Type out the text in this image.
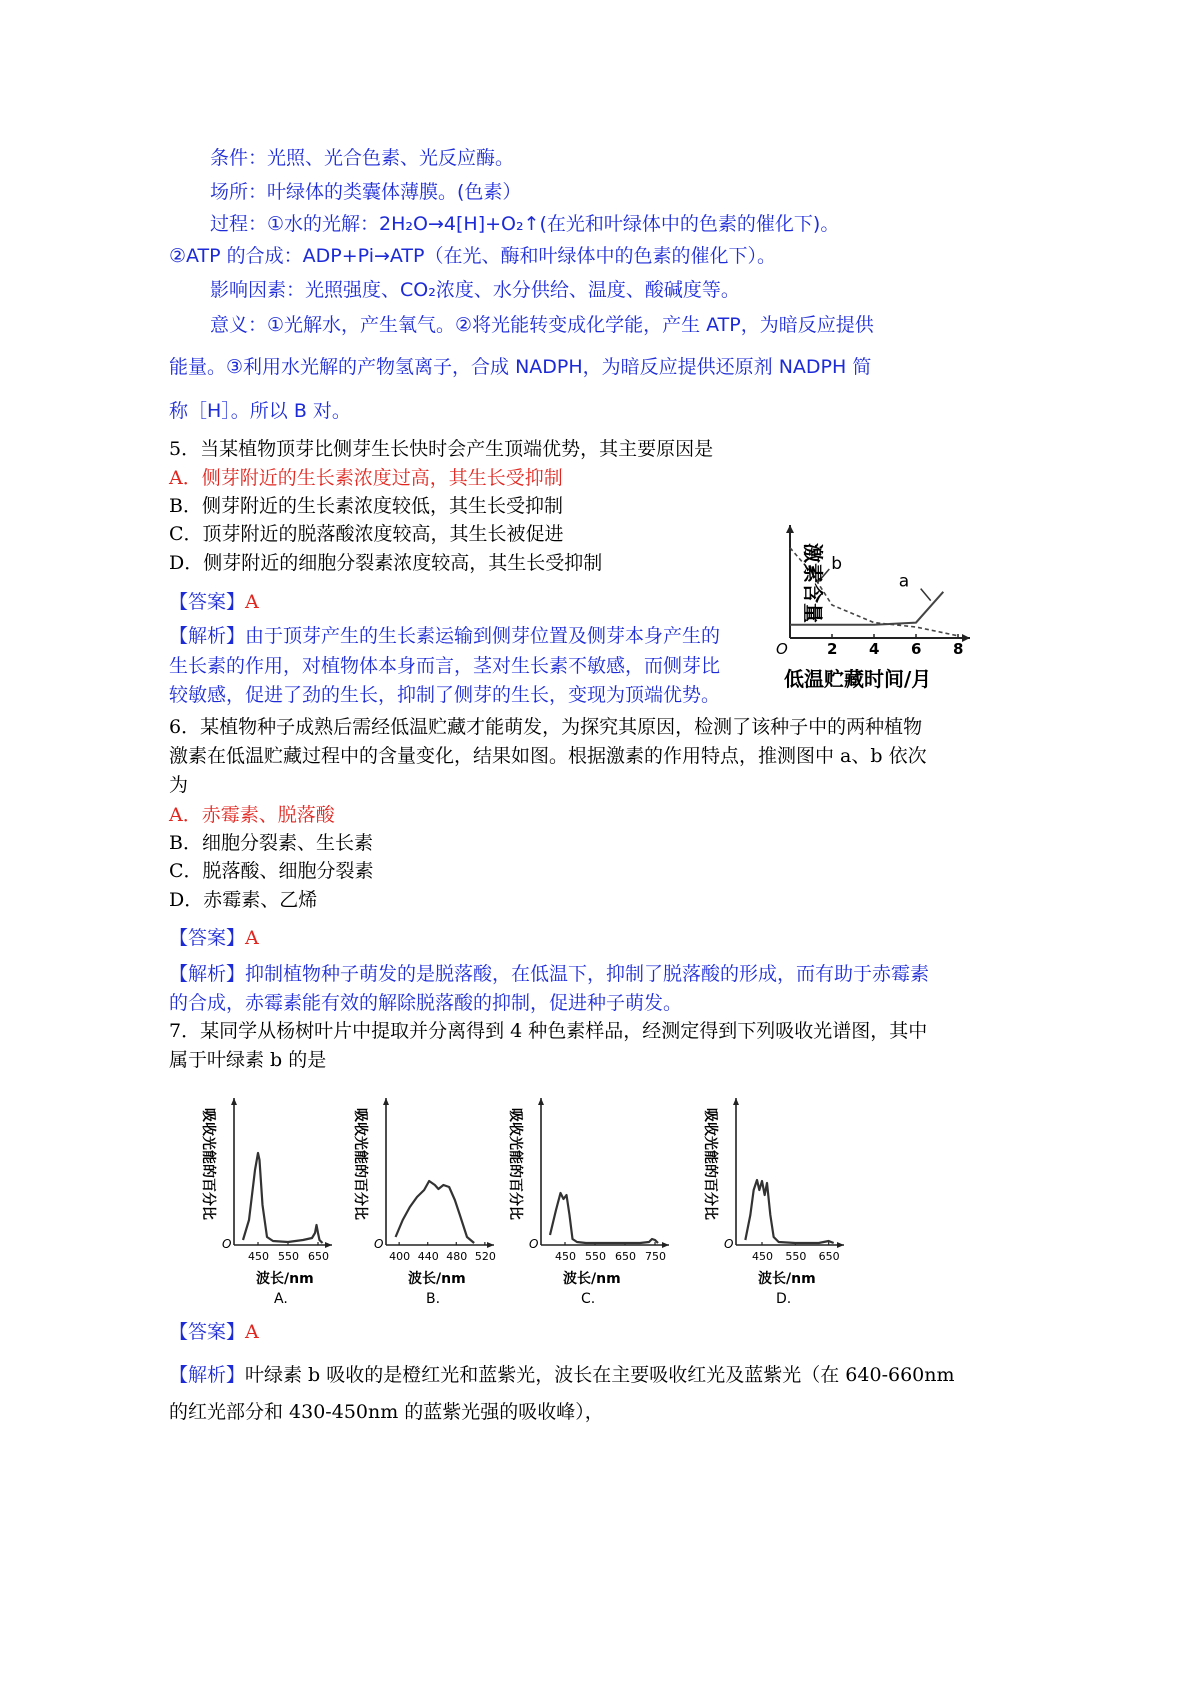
条件：光照、光合色素、光反应酶。
场所：叶绿体的类囊体薄膜。(色素）
过程：①水的光解：2H₂O→4[H]+O₂↑(在光和叶绿体中的色素的催化下)。
②ATP 的合成：ADP+Pi→ATP（在光、酶和叶绿体中的色素的催化下）。
影响因素：光照强度、CO₂浓度、水分供给、温度、酸碱度等。
意义：①光解水，产生氧气。②将光能转变成化学能，产生 ATP，为暗反应提供
能量。③利用水光解的产物氢离子，合成 NADPH，为暗反应提供还原剂 NADPH 简
称［H］。所以 B 对。
5．当某植物顶芽比侧芽生长快时会产生顶端优势，其主要原因是
A．侧芽附近的生长素浓度过高，其生长受抑制
B．侧芽附近的生长素浓度较低，其生长受抑制
C．顶芽附近的脱落酸浓度较高，其生长被促进
D．侧芽附近的细胞分裂素浓度较高，其生长受抑制
【答案】A
【解析】由于顶芽产生的生长素运输到侧芽位置及侧芽本身产生的
生长素的作用，对植物体本身而言，茎对生长素不敏感，而侧芽比
较敏感，促进了劲的生长，抑制了侧芽的生长，变现为顶端优势。
2 4 6 8
a
b
激素含量
低温贮藏时间/月
O
6．某植物种子成熟后需经低温贮藏才能萌发，为探究其原因，检测了该种子中的两种植物
激素在低温贮藏过程中的含量变化，结果如图。根据激素的作用特点，推测图中 a、b 依次
为
A．赤霉素、脱落酸
B．细胞分裂素、生长素
C．脱落酸、细胞分裂素
D．赤霉素、乙烯
【答案】A
【解析】抑制植物种子萌发的是脱落酸，在低温下，抑制了脱落酸的形成，而有助于赤霉素
的合成，赤霉素能有效的解除脱落酸的抑制，促进种子萌发。
7．某同学从杨树叶片中提取并分离得到 4 种色素样品，经测定得到下列吸收光谱图，其中
属于叶绿素 b 的是
吸收光能的百分比
O
450 550 650
波长/nm
A.
吸收光能的百分比
O
400 440 480 520
波长/nm
B.
吸收光能的百分比
O
450 550 650 750
波长/nm
C.
吸收光能的百分比
O
450 550 650
波长/nm
D.
【答案】A
【解析】叶绿素 b 吸收的是橙红光和蓝紫光，波长在主要吸收红光及蓝紫光（在 640-660nm
的红光部分和 430-450nm 的蓝紫光强的吸收峰），
